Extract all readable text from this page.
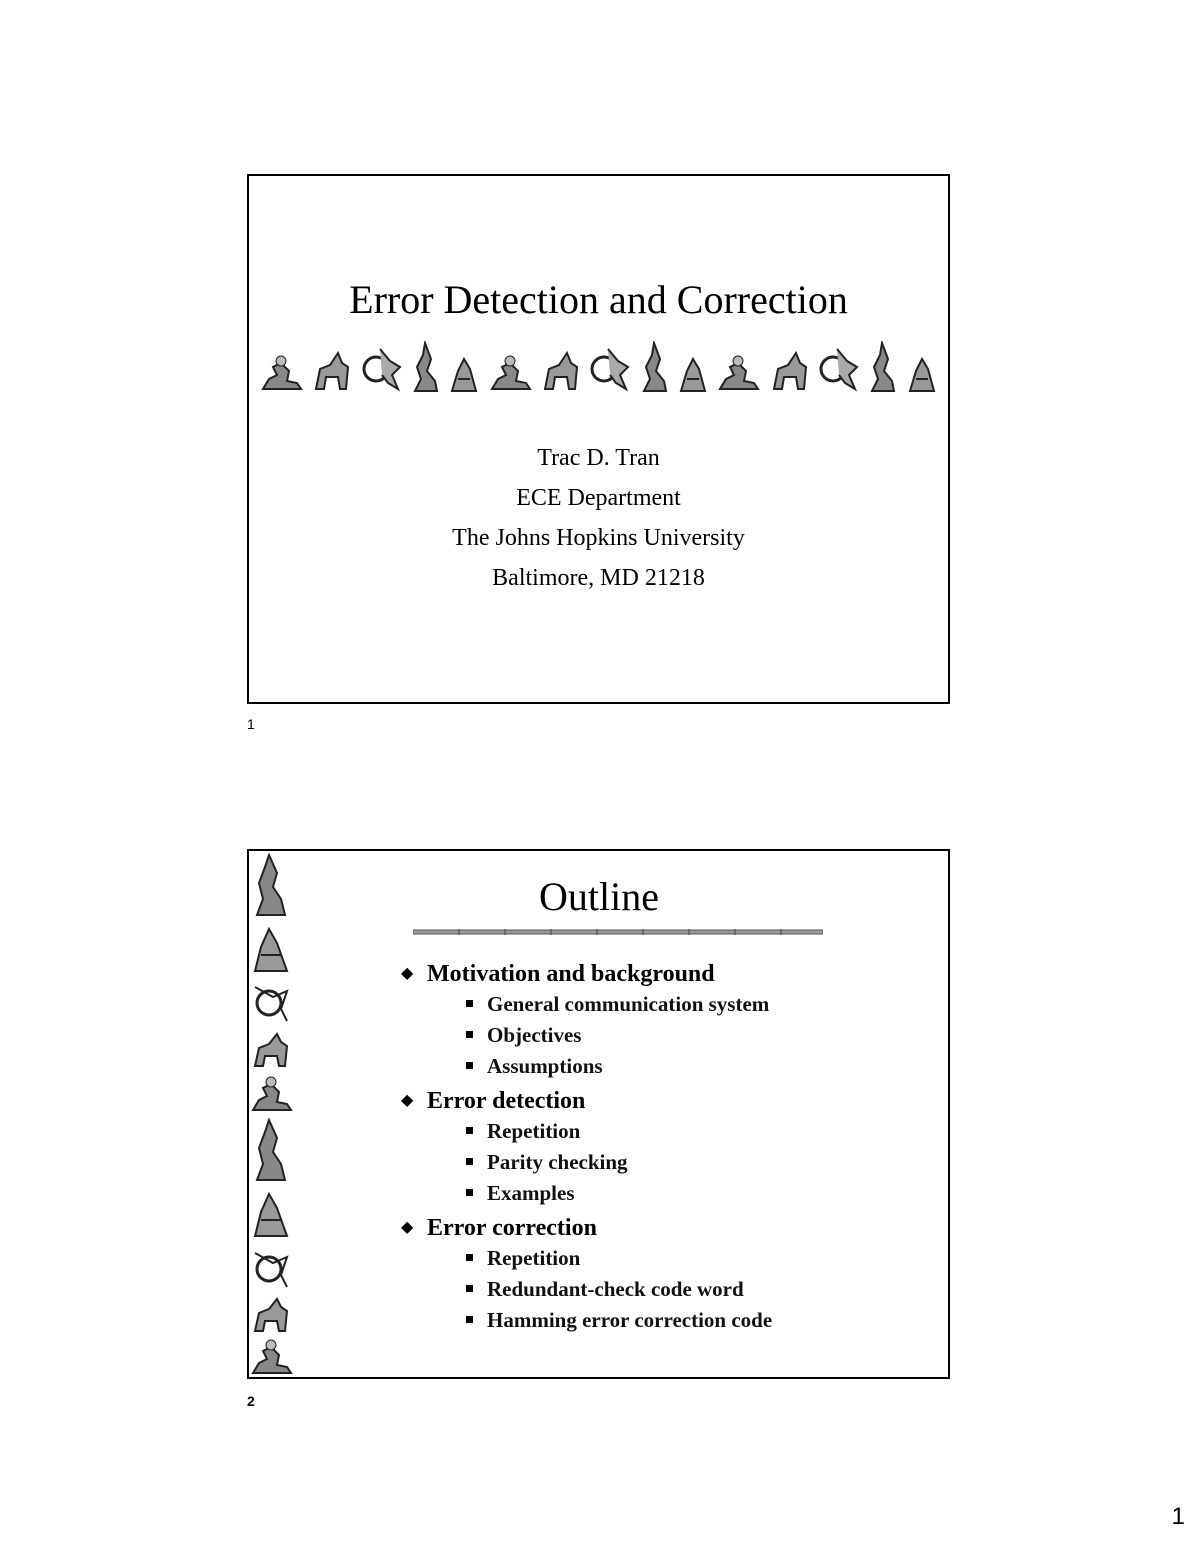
Error Detection and Correction
Trac D. Tran
ECE Department
The Johns Hopkins University
Baltimore, MD 21218
1
Outline
◆ Motivation and background
General communication system
Objectives
Assumptions
◆ Error detection
Repetition
Parity checking
Examples
◆ Error correction
Repetition
Redundant-check code word
Hamming error correction code
2
1
